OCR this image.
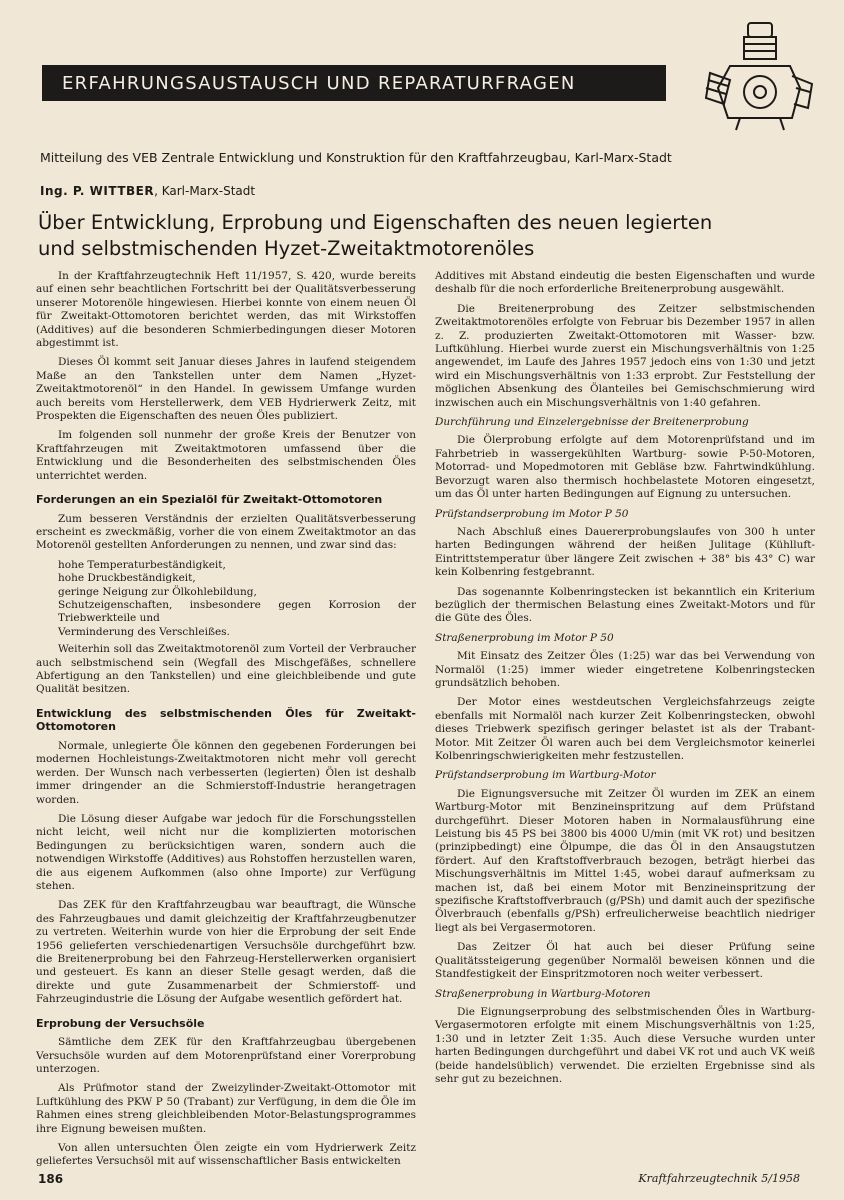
ERFAHRUNGSAUSTAUSCH UND REPARATURFRAGEN
Mitteilung des VEB Zentrale Entwicklung und Konstruktion für den Kraftfahrzeugbau, Karl-Marx-Stadt
Ing. P. WITTBER, Karl-Marx-Stadt
Über Entwicklung, Erprobung und Eigenschaften des neuen legierten
und selbstmischenden Hyzet-Zweitaktmotorenöles

In der Kraftfahrzeugtechnik Heft 11/1957, S. 420, wurde bereits auf einen sehr beachtlichen Fortschritt bei der Qualitätsverbesserung unserer Motorenöle hingewiesen. Hierbei konnte von einem neuen Öl für Zweitakt-Ottomotoren berichtet werden, das mit Wirkstoffen (Additives) auf die besonderen Schmierbedingungen dieser Motoren abgestimmt ist.

Dieses Öl kommt seit Januar dieses Jahres in laufend steigendem Maße an den Tankstellen unter dem Namen „Hyzet-Zweitaktmotorenöl“ in den Handel. In gewissem Umfange wurden auch bereits vom Herstellerwerk, dem VEB Hydrierwerk Zeitz, mit Prospekten die Eigenschaften des neuen Öles publiziert.

Im folgenden soll nunmehr der große Kreis der Benutzer von Kraftfahrzeugen mit Zweitaktmotoren umfassend über die Entwicklung und die Besonderheiten des selbstmischenden Öles unterrichtet werden.

Forderungen an ein Spezialöl für Zweitakt-Ottomotoren

Zum besseren Verständnis der erzielten Qualitätsverbesserung erscheint es zweckmäßig, vorher die von einem Zweitaktmotor an das Motorenöl gestellten Anforderungen zu nennen, und zwar sind das:

hohe Temperaturbeständigkeit,
hohe Druckbeständigkeit,
geringe Neigung zur Ölkohlebildung,
Schutzeigenschaften, insbesondere gegen Korrosion der Triebwerkteile und
Verminderung des Verschleißes.

Weiterhin soll das Zweitaktmotorenöl zum Vorteil der Verbraucher auch selbstmischend sein (Wegfall des Mischgefäßes, schnellere Abfertigung an den Tankstellen) und eine gleichbleibende und gute Qualität besitzen.

Entwicklung des selbstmischenden Öles für Zweitakt-Ottomotoren

Normale, unlegierte Öle können den gegebenen Forderungen bei modernen Hochleistungs-Zweitaktmotoren nicht mehr voll gerecht werden. Der Wunsch nach verbesserten (legierten) Ölen ist deshalb immer dringender an die Schmierstoff-Industrie herangetragen worden.

Die Lösung dieser Aufgabe war jedoch für die Forschungsstellen nicht leicht, weil nicht nur die komplizierten motorischen Bedingungen zu berücksichtigen waren, sondern auch die notwendigen Wirkstoffe (Additives) aus Rohstoffen herzustellen waren, die aus eigenem Aufkommen (also ohne Importe) zur Verfügung stehen.

Das ZEK für den Kraftfahrzeugbau war beauftragt, die Wünsche des Fahrzeugbaues und damit gleichzeitig der Kraftfahrzeugbenutzer zu vertreten. Weiterhin wurde von hier die Erprobung der seit Ende 1956 gelieferten verschiedenartigen Versuchsöle durchgeführt bzw. die Breitenerprobung bei den Fahrzeug-Herstellerwerken organisiert und gesteuert. Es kann an dieser Stelle gesagt werden, daß die direkte und gute Zusammenarbeit der Schmierstoff- und Fahrzeugindustrie die Lösung der Aufgabe wesentlich gefördert hat.

Erprobung der Versuchsöle

Sämtliche dem ZEK für den Kraftfahrzeugbau übergebenen Versuchsöle wurden auf dem Motorenprüfstand einer Vorerprobung unterzogen.

Als Prüfmotor stand der Zweizylinder-Zweitakt-Ottomotor mit Luftkühlung des PKW P 50 (Trabant) zur Verfügung, in dem die Öle im Rahmen eines streng gleichbleibenden Motor-Belastungsprogrammes ihre Eignung beweisen mußten.

Von allen untersuchten Ölen zeigte ein vom Hydrierwerk Zeitz geliefertes Versuchsöl mit auf wissenschaftlicher Basis entwickelten

Additives mit Abstand eindeutig die besten Eigenschaften und wurde deshalb für die noch erforderliche Breitenerprobung ausgewählt.

Die Breitenerprobung des Zeitzer selbstmischenden Zweitaktmotorenöles erfolgte von Februar bis Dezember 1957 in allen z. Z. produzierten Zweitakt-Ottomotoren mit Wasser- bzw. Luftkühlung. Hierbei wurde zuerst ein Mischungsverhältnis von 1:25 angewendet, im Laufe des Jahres 1957 jedoch eins von 1:30 und jetzt wird ein Mischungsverhältnis von 1:33 erprobt. Zur Feststellung der möglichen Absenkung des Ölanteiles bei Gemischschmierung wird inzwischen auch ein Mischungsverhältnis von 1:40 gefahren.

Durchführung und Einzelergebnisse der Breitenerprobung

Die Ölerprobung erfolgte auf dem Motorenprüfstand und im Fahrbetrieb in wassergekühlten Wartburg- sowie P-50-Motoren, Motorrad- und Mopedmotoren mit Gebläse bzw. Fahrtwindkühlung. Bevorzugt waren also thermisch hochbelastete Motoren eingesetzt, um das Öl unter harten Bedingungen auf Eignung zu untersuchen.

Prüfstandserprobung im Motor P 50

Nach Abschluß eines Dauererprobungslaufes von 300 h unter harten Bedingungen während der heißen Julitage (Kühlluft-Eintrittstemperatur über längere Zeit zwischen + 38° bis 43° C) war kein Kolbenring festgebrannt.

Das sogenannte Kolbenringstecken ist bekanntlich ein Kriterium bezüglich der thermischen Belastung eines Zweitakt-Motors und für die Güte des Öles.

Straßenerprobung im Motor P 50

Mit Einsatz des Zeitzer Öles (1:25) war das bei Verwendung von Normalöl (1:25) immer wieder eingetretene Kolbenringstecken grundsätzlich behoben.

Der Motor eines westdeutschen Vergleichsfahrzeugs zeigte ebenfalls mit Normalöl nach kurzer Zeit Kolbenringstecken, obwohl dieses Triebwerk spezifisch geringer belastet ist als der Trabant-Motor. Mit Zeitzer Öl waren auch bei dem Vergleichsmotor keinerlei Kolbenringschwierigkeiten mehr festzustellen.

Prüfstandserprobung im Wartburg-Motor

Die Eignungsversuche mit Zeitzer Öl wurden im ZEK an einem Wartburg-Motor mit Benzineinspritzung auf dem Prüfstand durchgeführt. Dieser Motoren haben in Normalausführung eine Leistung bis 45 PS bei 3800 bis 4000 U/min (mit VK rot) und besitzen (prinzipbedingt) eine Ölpumpe, die das Öl in den Ansaugstutzen fördert. Auf den Kraftstoffverbrauch bezogen, beträgt hierbei das Mischungsverhältnis im Mittel 1:45, wobei darauf aufmerksam zu machen ist, daß bei einem Motor mit Benzineinspritzung der spezifische Kraftstoffverbrauch (g/PSh) und damit auch der spezifische Ölverbrauch (ebenfalls g/PSh) erfreulicherweise beachtlich niedriger liegt als bei Vergasermotoren.

Das Zeitzer Öl hat auch bei dieser Prüfung seine Qualitätssteigerung gegenüber Normalöl beweisen können und die Standfestigkeit der Einspritzmotoren noch weiter verbessert.

Straßenerprobung in Wartburg-Motoren

Die Eignungserprobung des selbstmischenden Öles in Wartburg-Vergasermotoren erfolgte mit einem Mischungsverhältnis von 1:25, 1:30 und in letzter Zeit 1:35. Auch diese Versuche wurden unter harten Bedingungen durchgeführt und dabei VK rot und auch VK weiß (beide handelsüblich) verwendet. Die erzielten Ergebnisse sind als sehr gut zu bezeichnen.

186	Kraftfahrzeugtechnik 5/1958
